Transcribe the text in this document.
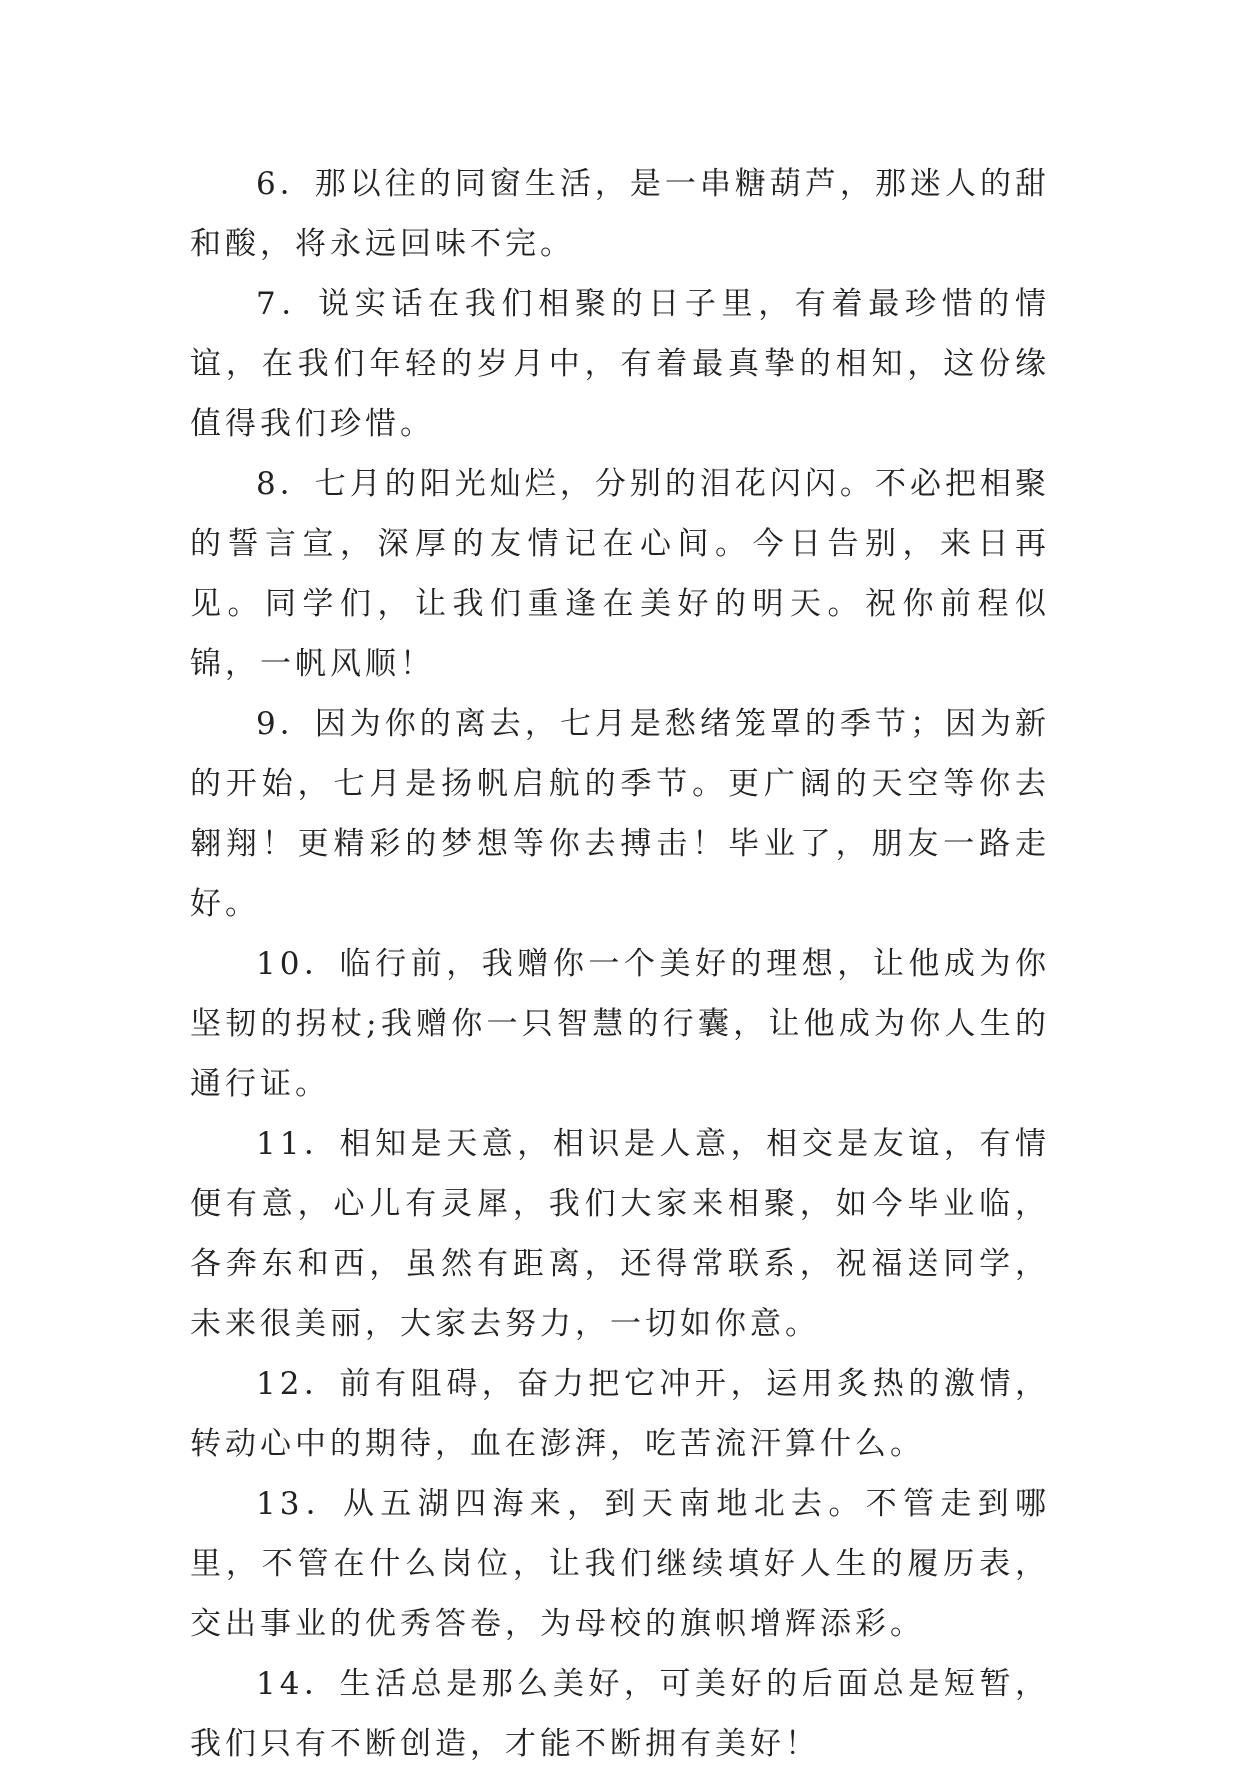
6．那以往的同窗生活，是一串糖葫芦，那迷人的甜和酸，将永远回味不完。

7．说实话在我们相聚的日子里，有着最珍惜的情谊，在我们年轻的岁月中，有着最真挚的相知，这份缘值得我们珍惜。

8．七月的阳光灿烂，分别的泪花闪闪。不必把相聚的誓言宣，深厚的友情记在心间。今日告别，来日再见。同学们，让我们重逢在美好的明天。祝你前程似锦，一帆风顺！

9．因为你的离去，七月是愁绪笼罩的季节；因为新的开始，七月是扬帆启航的季节。更广阔的天空等你去翱翔！更精彩的梦想等你去搏击！毕业了，朋友一路走好。

10．临行前，我赠你一个美好的理想，让他成为你坚韧的拐杖;我赠你一只智慧的行囊，让他成为你人生的通行证。

11．相知是天意，相识是人意，相交是友谊，有情便有意，心儿有灵犀，我们大家来相聚，如今毕业临，各奔东和西，虽然有距离，还得常联系，祝福送同学，未来很美丽，大家去努力，一切如你意。

12．前有阻碍，奋力把它冲开，运用炙热的激情，转动心中的期待，血在澎湃，吃苦流汗算什么。

13．从五湖四海来，到天南地北去。不管走到哪里，不管在什么岗位，让我们继续填好人生的履历表，交出事业的优秀答卷，为母校的旗帜增辉添彩。

14．生活总是那么美好，可美好的后面总是短暂，我们只有不断创造，才能不断拥有美好！
